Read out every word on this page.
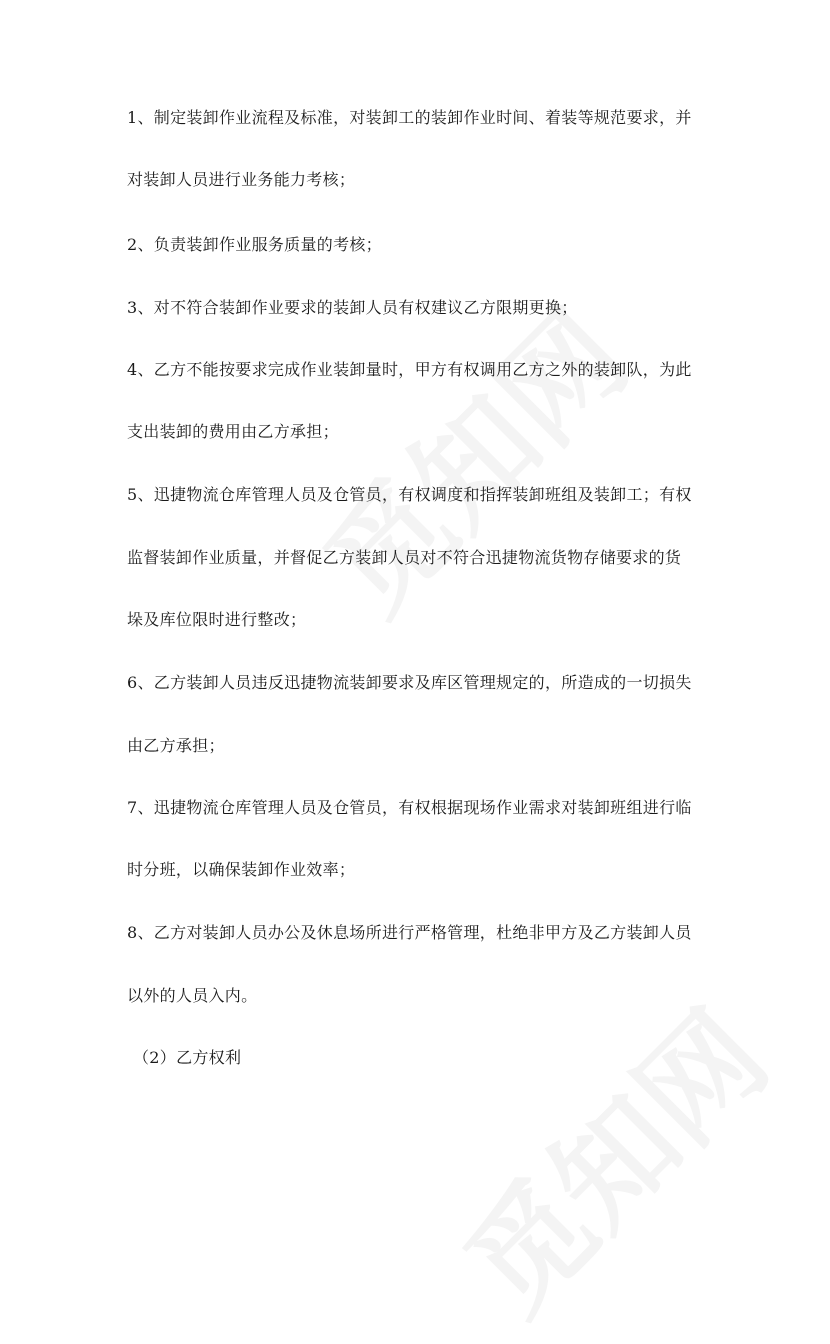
1、制定装卸作业流程及标准，对装卸工的装卸作业时间、着装等规范要求，并
对装卸人员进行业务能力考核；
2、负责装卸作业服务质量的考核；
3、对不符合装卸作业要求的装卸人员有权建议乙方限期更换；
4、乙方不能按要求完成作业装卸量时，甲方有权调用乙方之外的装卸队，为此
支出装卸的费用由乙方承担；
5、迅捷物流仓库管理人员及仓管员，有权调度和指挥装卸班组及装卸工；有权
监督装卸作业质量，并督促乙方装卸人员对不符合迅捷物流货物存储要求的货
垛及库位限时进行整改；
6、乙方装卸人员违反迅捷物流装卸要求及库区管理规定的，所造成的一切损失
由乙方承担；
7、迅捷物流仓库管理人员及仓管员，有权根据现场作业需求对装卸班组进行临
时分班，以确保装卸作业效率；
8、乙方对装卸人员办公及休息场所进行严格管理，杜绝非甲方及乙方装卸人员
以外的人员入内。
（2）乙方权利
